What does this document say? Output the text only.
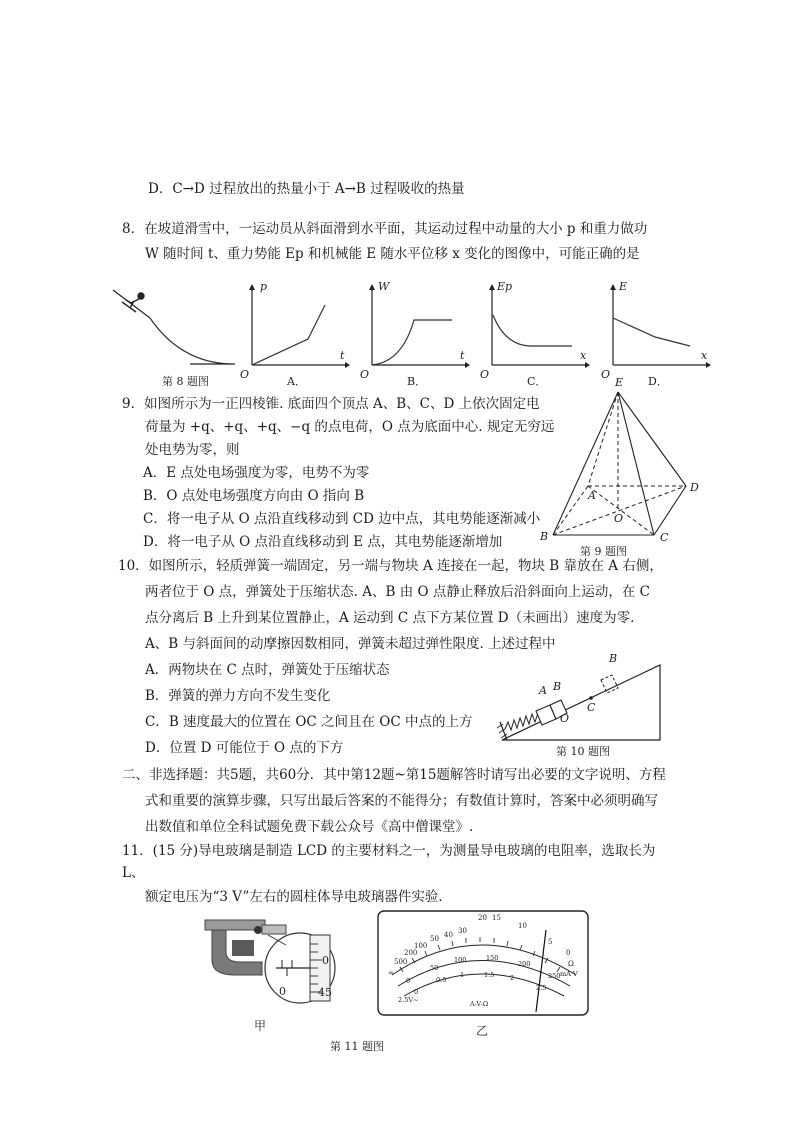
D．C→D 过程放出的热量小于 A→B 过程吸收的热量
8．在坡道滑雪中，一运动员从斜面滑到水平面，其运动过程中动量的大小 p 和重力做功
W 随时间 t、重力势能 Ep 和机械能 E 随水平位移 x 变化的图像中，可能正确的是
p
t
O
A．
W
t
O
B．
Ep
x
O
C．
E
x
O
D．
第 8 题图
9．如图所示为一正四棱锥. 底面四个顶点 A、B、C、D 上依次固定电
荷量为 +q、+q、+q、−q 的点电荷，O 点为底面中心. 规定无穷远
处电势为零，则
A．E 点处电场强度为零，电势不为零
B．O 点处电场强度方向由 O 指向 B
C．将一电子从 O 点沿直线移动到 CD 边中点，其电势能逐渐减小
D．将一电子从 O 点沿直线移动到 E 点，其电势能逐渐增加
E
A
B	C
D
O
第 9 题图
10．如图所示，轻质弹簧一端固定，另一端与物块 A 连接在一起，物块 B 靠放在 A 右侧，
两者位于 O 点，弹簧处于压缩状态. A、B 由 O 点静止释放后沿斜面向上运动，在 C
点分离后 B 上升到某位置静止，A 运动到 C 点下方某位置 D（未画出）速度为零.
A、B 与斜面间的动摩擦因数相同，弹簧未超过弹性限度. 上述过程中
A．两物块在 C 点时，弹簧处于压缩状态
B．弹簧的弹力方向不发生变化
C．B 速度最大的位置在 OC 之间且在 OC 中点的上方
D．位置 D 可能位于 O 点的下方
A B
O
C
B
第 10 题图
二、非选择题：共5题，共60分．其中第12题~第15题解答时请写出必要的文字说明、方程
式和重要的演算步骤，只写出最后答案的不能得分；有数值计算时，答案中必须明确写
出数值和单位全科试题免费下载公众号《高中僧课堂》.
11．(15 分)导电玻璃是制造 LCD 的主要材料之一，为测量导电玻璃的电阻率，选取长为
L、
额定电压为“3 V”左右的圆柱体导电玻璃器件实验．
0
45
0
甲
∞
500
200
100
50 40 30
20 15
10
5
0
0
50
100	150
200
250
0
0.5
1	1.5 2
2.5
Ω
mA V
2.5V~	A-V-Ω
乙
第 11 题图
